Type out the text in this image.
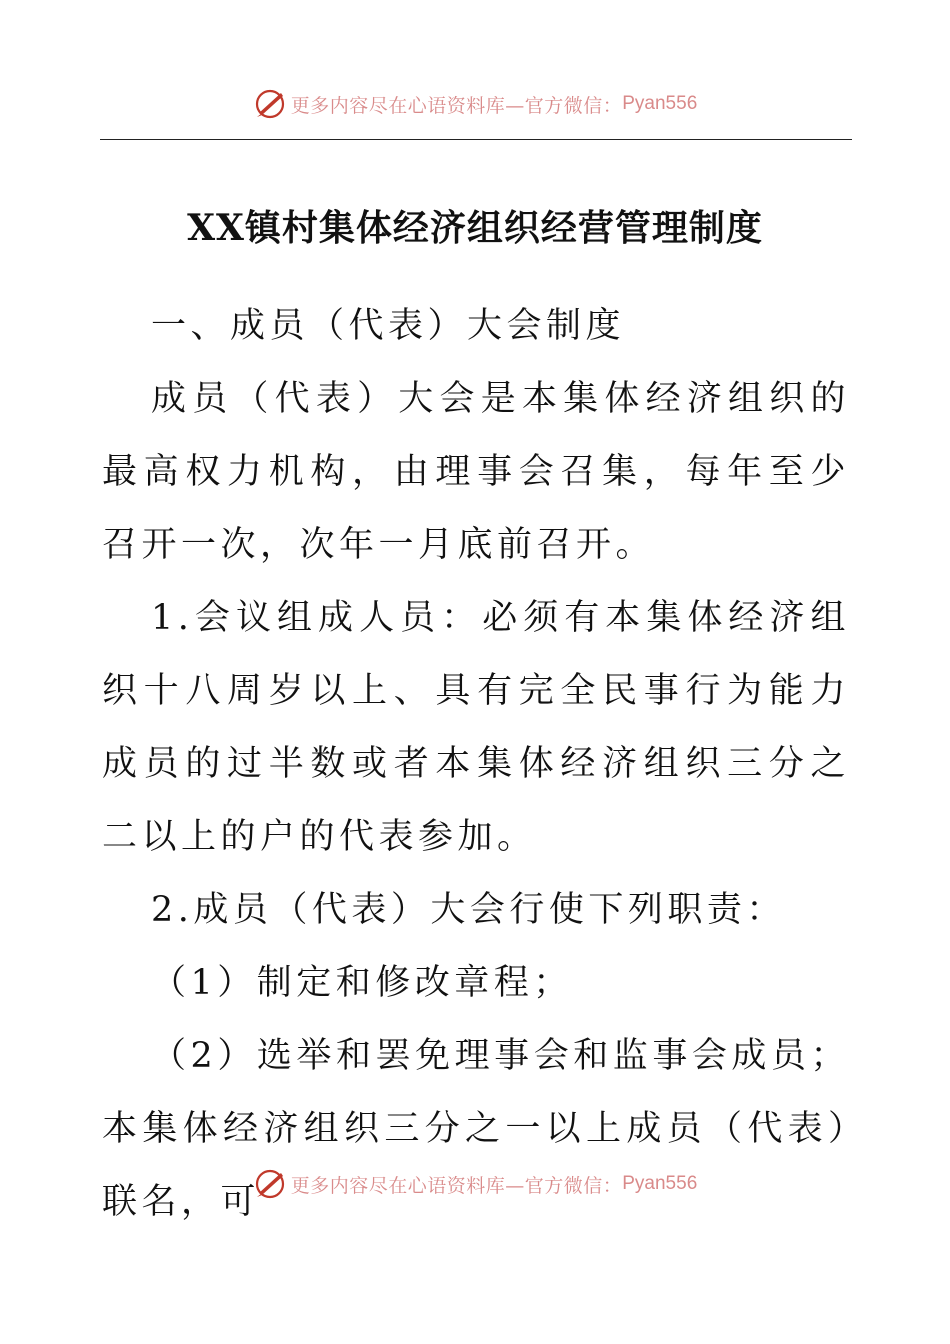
更多内容尽在心语资料库—官方微信： Pyan556
XX镇村集体经济组织经营管理制度

一、成员（代表）大会制度

成员（代表）大会是本集体经济组织的最高权力机构，由理事会召集，每年至少召开一次，次年一月底前召开。

1.会议组成人员：必须有本集体经济组织十八周岁以上、具有完全民事行为能力成员的过半数或者本集体经济组织三分之二以上的户的代表参加。

2.成员（代表）大会行使下列职责：

（1）制定和修改章程；

（2）选举和罢免理事会和监事会成员；本集体经济组织三分之一以上成员（代表）联名，可	更多内容尽在心语资料库—官方微信： Pyan556
